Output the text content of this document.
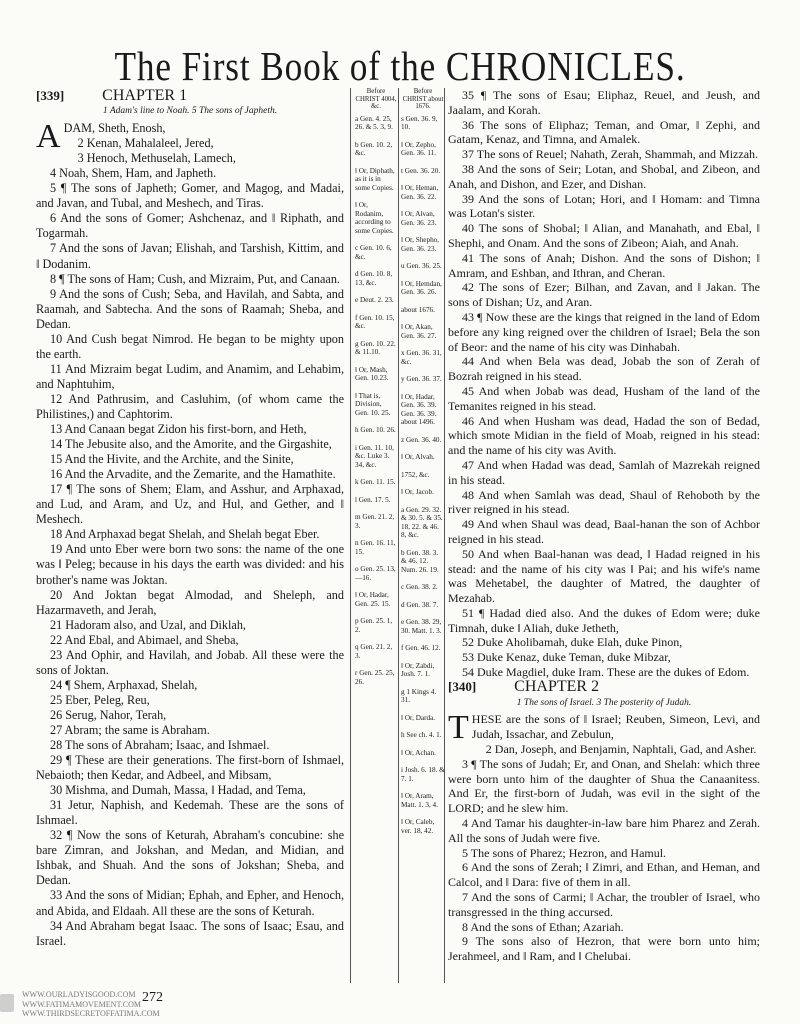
The First Book of the CHRONICLES.
[339] CHAPTER 1
1 Adam's line to Noah. 5 The sons of Japheth.
ADAM, Sheth, Enosh,
2 Kenan, Mahalaleel, Jered,
3 Henoch, Methuselah, Lamech,
4 Noah, Shem, Ham, and Japheth.
5 ¶ The sons of Japheth; Gomer, and Magog, and Madai, and Javan, and Tubal, and Meshech, and Tiras.
6 And the sons of Gomer; Ashchenaz, and ‖ Riphath, and Togarmah.
7 And the sons of Javan; Elishah, and Tarshish, Kittim, and ‖ Dodanim.
8 ¶ The sons of Ham; Cush, and Mizraim, Put, and Canaan.
9 And the sons of Cush; Seba, and Havilah, and Sabta, and Raamah, and Sabtecha. And the sons of Raamah; Sheba, and Dedan.
10 And Cush begat Nimrod. He began to be mighty upon the earth.
11 And Mizraim begat Ludim, and Anamim, and Lehabim, and Naphtuhim,
12 And Pathrusim, and Casluhim, (of whom came the Philistines,) and Caphtorim.
13 And Canaan begat Zidon his first-born, and Heth,
14 The Jebusite also, and the Amorite, and the Girgashite,
15 And the Hivite, and the Archite, and the Sinite,
16 And the Arvadite, and the Zemarite, and the Hamathite.
17 ¶ The sons of Shem; Elam, and Asshur, and Arphaxad, and Lud, and Aram, and Uz, and Hul, and Gether, and ‖ Meshech.
18 And Arphaxad begat Shelah, and Shelah begat Eber.
19 And unto Eber were born two sons: the name of the one was ‖ Peleg; because in his days the earth was divided: and his brother's name was Joktan.
20 And Joktan begat Almodad, and Sheleph, and Hazarmaveth, and Jerah,
21 Hadoram also, and Uzal, and Diklah,
22 And Ebal, and Abimael, and Sheba,
23 And Ophir, and Havilah, and Jobab. All these were the sons of Joktan.
24 ¶ Shem, Arphaxad, Shelah,
25 Eber, Peleg, Reu,
26 Serug, Nahor, Terah,
27 Abram; the same is Abraham.
28 The sons of Abraham; Isaac, and Ishmael.
29 ¶ These are their generations. The first-born of Ishmael, Nebaioth; then Kedar, and Adbeel, and Mibsam,
30 Mishma, and Dumah, Massa, ‖ Hadad, and Tema,
31 Jetur, Naphish, and Kedemah. These are the sons of Ishmael.
32 ¶ Now the sons of Keturah, Abraham's concubine: she bare Zimran, and Jokshan, and Medan, and Midian, and Ishbak, and Shuah. And the sons of Jokshan; Sheba, and Dedan.
33 And the sons of Midian; Ephah, and Epher, and Henoch, and Abida, and Eldaah. All these are the sons of Keturah.
34 And Abraham begat Isaac. The sons of Isaac; Esau, and Israel.
Before CHRIST 4004, &c.
a Gen. 4. 25, 26. & 5. 3, 9.
b Gen. 10. 2, &c.
‖ Or, Diphath, as it is in some Copies.
‖ Or, Rodanim, according to some Copies.
c Gen. 10. 6, &c.
d Gen. 10. 8, 13, &c.
e Deut. 2. 23.
f Gen. 10. 15, &c.
g Gen. 10. 22. & 11.10.
‖ Or, Mash, Gen. 10.23.
‖ That is, Division, Gen. 10. 25.
h Gen. 10. 26.
i Gen. 11. 10, &c. Luke 3. 34, &c.
k Gen. 11. 15.
l Gen. 17. 5.
m Gen. 21. 2, 3.
n Gen. 16. 11, 15.
o Gen. 25. 13,—16.
‖ Or, Hadar, Gen. 25. 15.
p Gen. 25. 1, 2.
q Gen. 21. 2, 3.
r Gen. 25. 25, 26.
Before CHRIST about 1676.
s Gen. 36. 9, 10.
‖ Or, Zepho, Gen. 36. 11.
t Gen. 36. 20.
‖ Or, Heman, Gen. 36. 22.
‖ Or, Alvan, Gen. 36. 23.
‖ Or, Shepho, Gen. 36. 23.
u Gen. 36. 25.
‖ Or, Hemdan, Gen. 36. 26.
about 1676.
‖ Or, Akan, Gen. 36. 27.
x Gen. 36. 31, &c.
y Gen. 36. 37.
‖ Or, Hadar, Gen. 36. 39. Gen. 36. 39. about 1496.
z Gen. 36. 40.
‖ Or, Alvah.
1752, &c.
‖ Or, Jacob.
a Gen. 29. 32. & 30. 5. & 35. 18, 22. & 46. 8, &c.
b Gen. 38. 3. & 46. 12. Num. 26. 19.
c Gen. 38. 2.
d Gen. 38. 7.
e Gen. 38. 29, 30. Matt. 1. 3.
f Gen. 46. 12.
‖ Or, Zabdi, Josh. 7. 1.
g 1 Kings 4. 31.
‖ Or, Darda.
h See ch. 4. 1.
‖ Or, Achan.
i Josh. 6. 18. & 7. 1.
‖ Or, Aram, Matt. 1. 3, 4.
‖ Or, Caleb, ver. 18, 42.
35 ¶ The sons of Esau; Eliphaz, Reuel, and Jeush, and Jaalam, and Korah.
36 The sons of Eliphaz; Teman, and Omar, ‖ Zephi, and Gatam, Kenaz, and Timna, and Amalek.
37 The sons of Reuel; Nahath, Zerah, Shammah, and Mizzah.
38 And the sons of Seir; Lotan, and Shobal, and Zibeon, and Anah, and Dishon, and Ezer, and Dishan.
39 And the sons of Lotan; Hori, and ‖ Homam: and Timna was Lotan's sister.
40 The sons of Shobal; ‖ Alian, and Manahath, and Ebal, ‖ Shephi, and Onam. And the sons of Zibeon; Aiah, and Anah.
41 The sons of Anah; Dishon. And the sons of Dishon; ‖ Amram, and Eshban, and Ithran, and Cheran.
42 The sons of Ezer; Bilhan, and Zavan, and ‖ Jakan. The sons of Dishan; Uz, and Aran.
43 ¶ Now these are the kings that reigned in the land of Edom before any king reigned over the children of Israel; Bela the son of Beor: and the name of his city was Dinhabah.
44 And when Bela was dead, Jobab the son of Zerah of Bozrah reigned in his stead.
45 And when Jobab was dead, Husham of the land of the Temanites reigned in his stead.
46 And when Husham was dead, Hadad the son of Bedad, which smote Midian in the field of Moab, reigned in his stead: and the name of his city was Avith.
47 And when Hadad was dead, Samlah of Mazrekah reigned in his stead.
48 And when Samlah was dead, Shaul of Rehoboth by the river reigned in his stead.
49 And when Shaul was dead, Baal-hanan the son of Achbor reigned in his stead.
50 And when Baal-hanan was dead, ‖ Hadad reigned in his stead: and the name of his city was ‖ Pai; and his wife's name was Mehetabel, the daughter of Matred, the daughter of Mezahab.
51 ¶ Hadad died also. And the dukes of Edom were; duke Timnah, duke ‖ Aliah, duke Jetheth,
52 Duke Aholibamah, duke Elah, duke Pinon,
53 Duke Kenaz, duke Teman, duke Mibzar,
54 Duke Magdiel, duke Iram. These are the dukes of Edom.
[340] CHAPTER 2
1 The sons of Israel. 3 The posterity of Judah.
THESE are the sons of ‖ Israel; Reuben, Simeon, Levi, and Judah, Issachar, and Zebulun,
2 Dan, Joseph, and Benjamin, Naphtali, Gad, and Asher.
3 ¶ The sons of Judah; Er, and Onan, and Shelah: which three were born unto him of the daughter of Shua the Canaanitess. And Er, the first-born of Judah, was evil in the sight of the LORD; and he slew him.
4 And Tamar his daughter-in-law bare him Pharez and Zerah. All the sons of Judah were five.
5 The sons of Pharez; Hezron, and Hamul.
6 And the sons of Zerah; ‖ Zimri, and Ethan, and Heman, and Calcol, and ‖ Dara: five of them in all.
7 And the sons of Carmi; ‖ Achar, the troubler of Israel, who transgressed in the thing accursed.
8 And the sons of Ethan; Azariah.
9 The sons also of Hezron, that were born unto him; Jerahmeel, and ‖ Ram, and ‖ Chelubai.
WWW.OURLADYISGOOD.COM
WWW.FATIMAMOVEMENT.COM
WWW.THIRDSECRETOFFATIMA.COM
272
